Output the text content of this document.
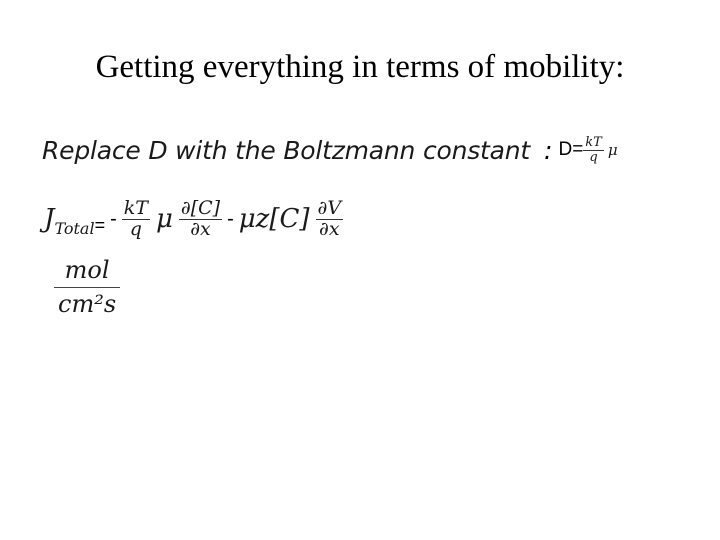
Getting everything in terms of mobility:
Replace D with the Boltzmann constant : $D= \frac{kT}{q}$ μ
J Total = - $\frac{kT}{q}$ μ $\frac{\partial[C]}{\partial x} - \mu z[C] \frac{\partial V}{\partial x}$
mol
cm²s
